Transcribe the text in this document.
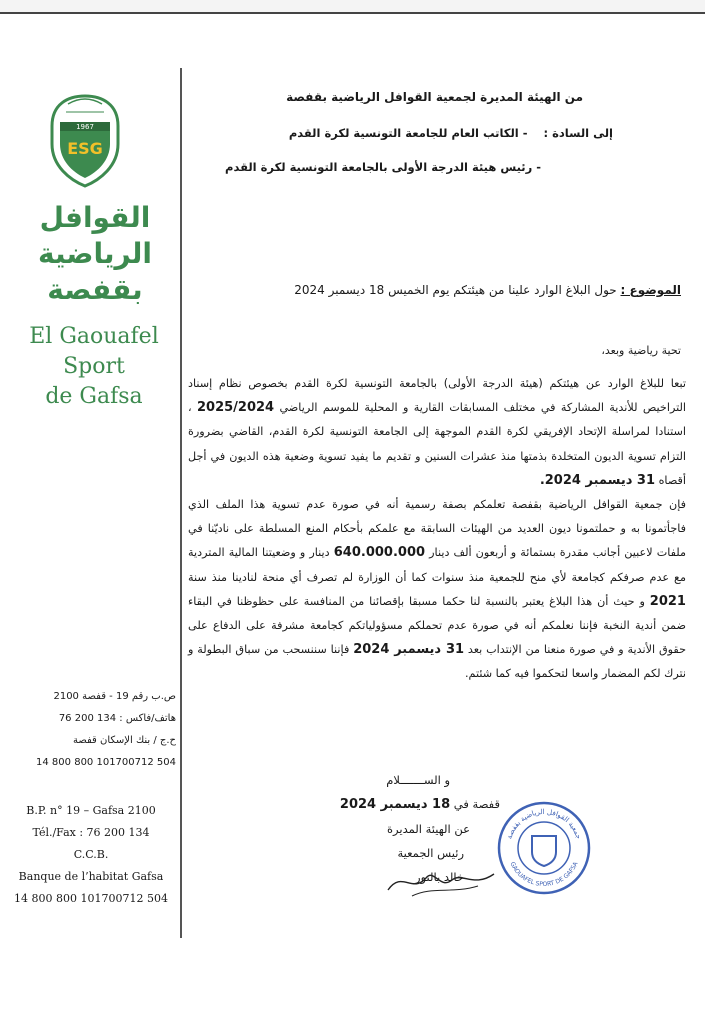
1967
ESG
القوافل
الرياضية
بقفصة
El Gaouafel
Sport
de Gafsa
ص.ب رقم 19 - قفصة 2100
هاتف/فاكس : 134 200 76
ح.ج / بنك الإسكان قفصة
14 800 800 101700712 504
B.P. n° 19 – Gafsa 2100
Tél./Fax : 76 200 134
C.C.B.
Banque de l’habitat Gafsa
14 800 800 101700712 504
من الهيئة المديرة لجمعية القوافل الرياضية بقفصة
إلى السادة :    - الكاتب العام للجامعة التونسية لكرة القدم
- رئيس هيئة الدرجة الأولى بالجامعة التونسية لكرة القدم
الموضوع : حول البلاغ الوارد علينا من هيئتكم يوم الخميس 18 ديسمبر 2024
تحية رياضية وبعد،
تبعا للبلاغ الوارد عن هيئتكم (هيئة الدرجة الأولى) بالجامعة التونسية لكرة القدم بخصوص نظام إسناد التراخيص للأندية المشاركة في مختلف المسابقات القارية و المحلية للموسم الرياضي 2025/2024 ، استنادا لمراسلة الإتحاد الإفريقي لكرة القدم الموجهة إلى الجامعة التونسية لكرة القدم، القاضي بضرورة التزام تسوية الديون المتخلدة بذمتها منذ عشرات السنين و تقديم ما يفيد تسوية وضعية هذه الديون في أجل أقصاه 31 ديسمبر 2024.
فإن جمعية القوافل الرياضية بقفصة تعلمكم بصفة رسمية أنه في صورة عدم تسوية هذا الملف الذي فاجأتمونا به و حملتمونا ديون العديد من الهيئات السابقة مع علمكم بأحكام المنع المسلطة على ناديّنا في ملفات لاعبين أجانب مقدرة بستمائة و أربعون ألف دينار 640.000.000 دينار و وضعيتنا المالية المتردية مع عدم صرفكم كجامعة لأي منح للجمعية منذ سنوات كما أن الوزارة لم تصرف أي منحة لنادينا منذ سنة 2021 و حيث أن هذا البلاغ يعتبر بالنسبة لنا حكما مسبقا بإقصائنا من المنافسة على حظوظنا في البقاء ضمن أندية النخبة فإننا نعلمكم أنه في صورة عدم تحملكم مسؤولياتكم كجامعة مشرفة على الدفاع على حقوق الأندية و في صورة منعنا من الإنتداب بعد 31 ديسمبر 2024 فإننا سننسحب من سباق البطولة و نترك لكم المضمار واسعا لتحكموا فيه كما شئتم.
و الســـــــلام
قفصة في 18 ديسمبر 2024
عن الهيئة المديرة
رئيس الجمعية
خالد بالنور
جمعية القوافل الرياضية بقفصة
GAOUAFEL SPORT DE GAFSA
